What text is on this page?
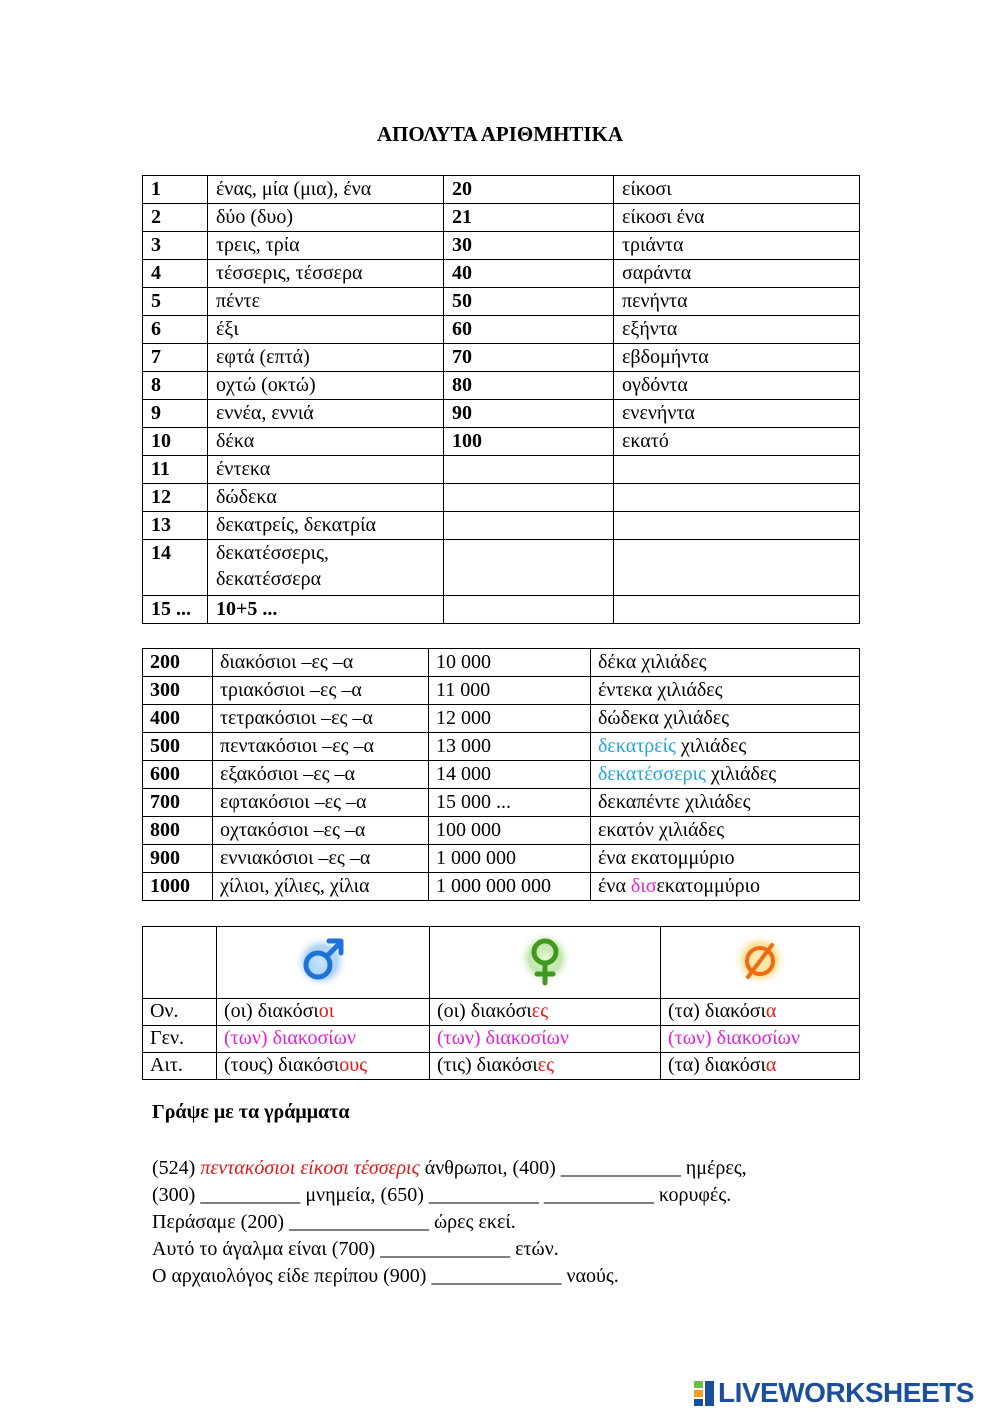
ΑΠΟΛΥΤΑ ΑΡΙΘΜΗΤΙΚΑ
1	ένας, μία (μια), ένα	20	είκοσι
2	δύο (δυο)	21	είκοσι ένα
3	τρεις, τρία	30	τριάντα
4	τέσσερις, τέσσερα	40	σαράντα
5	πέντε	50	πενήντα
6	έξι	60	εξήντα
7	εφτά (επτά)	70	εβδομήντα
8	οχτώ (οκτώ)	80	ογδόντα
9	εννέα, εννιά	90	ενενήντα
10	δέκα	100	εκατό
11	έντεκα		
12	δώδεκα		
13	δεκατρείς, δεκατρία		
14	δεκατέσσερις,
δεκατέσσερα		

15 ...	10+5 ...		
200	διακόσιοι –ες –α	10 000	δέκα χιλιάδες
300	τριακόσιοι –ες –α	11 000	έντεκα χιλιάδες
400	τετρακόσιοι –ες –α	12 000	δώδεκα χιλιάδες
500	πεντακόσιοι –ες –α	13 000	δεκατρείς χιλιάδες
600	εξακόσιοι –ες –α	14 000	δεκατέσσερις χιλιάδες
700	εφτακόσιοι –ες –α	15 000 ...	δεκαπέντε χιλιάδες
800	οχτακόσιοι –ες –α	100 000	εκατόν χιλιάδες
900	εννιακόσιοι –ες –α	1 000 000	ένα εκατομμύριο
1000	χίλιοι, χίλιες, χίλια	1 000 000 000	ένα δισεκατομμύριο

Ον.	(οι) διακόσιοι	(οι) διακόσιες	(τα) διακόσια
Γεν.	(των) διακοσίων	(των) διακοσίων	(των) διακοσίων
Αιτ.	(τους) διακόσιους	(τις) διακόσιες	(τα) διακόσια
Γράψε με τα γράμματα
(524) πεντακόσιοι είκοσι τέσσερις άνθρωποι, (400) ____________ ημέρες,
(300) __________ μνημεία, (650) ___________ ___________ κορυφές.
Περάσαμε (200) ______________ ώρες εκεί.
Αυτό το άγαλμα είναι (700) _____________ ετών.
Ο αρχαιολόγος είδε περίπου (900) _____________ ναούς.
LIVEWORKSHEETS
